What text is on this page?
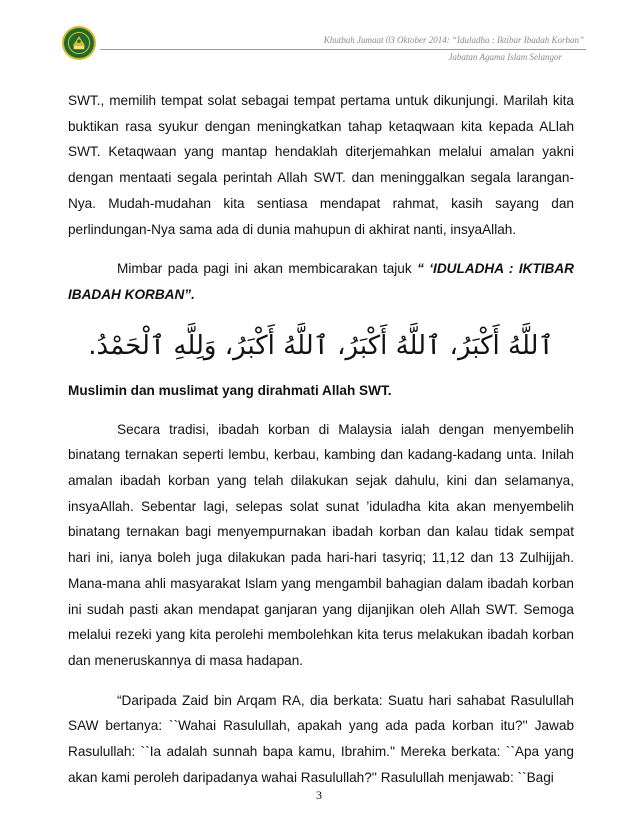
Khutbah Jumaat 03 Oktober 2014: “Iduladha : Iktibar Ibadah Korban”
Jabatan Agama Islam Selangor

SWT., memilih tempat solat sebagai tempat pertama untuk dikunjungi. Marilah kita buktikan rasa syukur dengan meningkatkan tahap ketaqwaan kita kepada ALlah SWT. Ketaqwaan yang mantap hendaklah diterjemahkan melalui amalan yakni dengan mentaati segala perintah Allah SWT. dan meninggalkan segala larangan-Nya. Mudah-mudahan kita sentiasa mendapat rahmat, kasih sayang dan perlindungan-Nya sama ada di dunia mahupun di akhirat nanti, insyaAllah.

Mimbar pada pagi ini akan membicarakan tajuk “ ‘IDULADHA : IKTIBAR IBADAH KORBAN”.

ٱللَّهُ أَكْبَرُ، ٱللَّهُ أَكْبَرُ، ٱللَّهُ أَكْبَرُ، وَلِلَّهِ ٱلْحَمْدُ.

Muslimin dan muslimat yang dirahmati Allah SWT.

Secara tradisi, ibadah korban di Malaysia ialah dengan menyembelih binatang ternakan seperti lembu, kerbau, kambing dan kadang-kadang unta. Inilah amalan ibadah korban yang telah dilakukan sejak dahulu, kini dan selamanya, insyaAllah. Sebentar lagi, selepas solat sunat ’iduladha kita akan menyembelih binatang ternakan bagi menyempurnakan ibadah korban dan kalau tidak sempat hari ini, ianya boleh juga dilakukan pada hari-hari tasyriq; 11,12 dan 13 Zulhijjah. Mana-mana ahli masyarakat Islam yang mengambil bahagian dalam ibadah korban ini sudah pasti akan mendapat ganjaran yang dijanjikan oleh Allah SWT. Semoga melalui rezeki yang kita perolehi membolehkan kita terus melakukan ibadah korban dan meneruskannya di masa hadapan.

“Daripada Zaid bin Arqam RA, dia berkata: Suatu hari sahabat Rasulullah SAW bertanya: ``Wahai Rasulullah, apakah yang ada pada korban itu?'' Jawab Rasulullah: ``Ia adalah sunnah bapa kamu, Ibrahim.'' Mereka berkata: ``Apa yang akan kami peroleh daripadanya wahai Rasulullah?'' Rasulullah menjawab: ``Bagi

3
